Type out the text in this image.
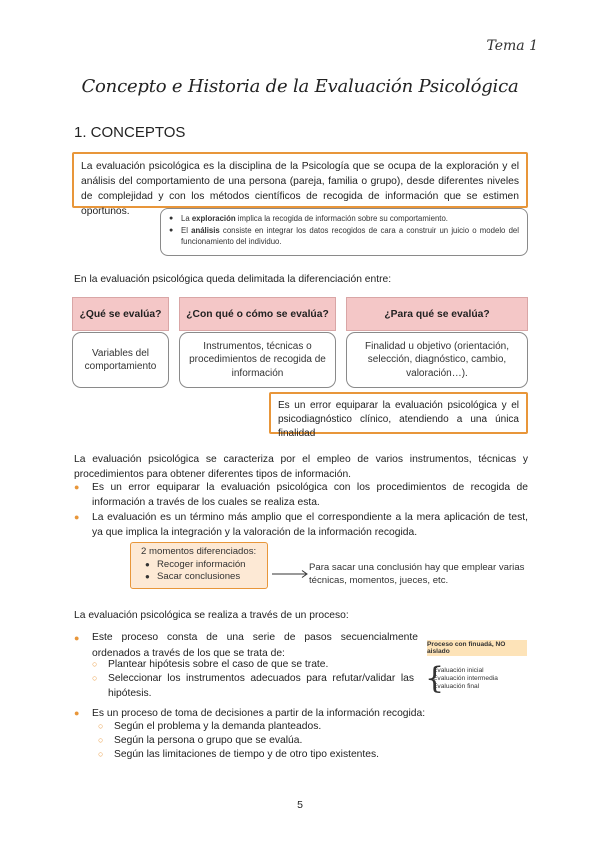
Tema 1
Concepto e Historia de la Evaluación Psicológica
1. CONCEPTOS
La evaluación psicológica es la disciplina de la Psicología que se ocupa de la exploración y el análisis del comportamiento de una persona (pareja, familia o grupo), desde diferentes niveles de complejidad y con los métodos científicos de recogida de información que se estimen oportunos.
● La exploración implica la recogida de información sobre su comportamiento.
● El análisis consiste en integrar los datos recogidos de cara a construir un juicio o modelo del funcionamiento del individuo.
En la evaluación psicológica queda delimitada la diferenciación entre:
¿Qué se evalúa?	¿Con qué o cómo se evalúa?	¿Para qué se evalúa?
Variables del comportamiento
Instrumentos, técnicas o procedimientos de recogida de información
Finalidad u objetivo (orientación, selección, diagnóstico, cambio, valoración…).
Es un error equiparar la evaluación psicológica y el psicodiagnóstico clínico, atendiendo a una única finalidad
La evaluación psicológica se caracteriza por el empleo de varios instrumentos, técnicas y procedimientos para obtener diferentes tipos de información.
● Es un error equiparar la evaluación psicológica con los procedimientos de recogida de información a través de los cuales se realiza esta.
● La evaluación es un término más amplio que el correspondiente a la mera aplicación de test, ya que implica la integración y la valoración de la información recogida.
2 momentos diferenciados:
● Recoger información
● Sacar conclusiones
Para sacar una conclusión hay que emplear varias técnicas, momentos, jueces, etc.
La evaluación psicológica se realiza a través de un proceso:
● Este proceso consta de una serie de pasos secuencialmente ordenados a través de los que se trata de:
○ Plantear hipótesis sobre el caso de que se trate.
○ Seleccionar los instrumentos adecuados para refutar/validar las hipótesis.
Proceso con finuadá, NO aislado
{
Evaluación inicial
Evaluación intermedia
Evaluación final
● Es un proceso de toma de decisiones a partir de la información recogida:
○ Según el problema y la demanda planteados.
○ Según la persona o grupo que se evalúa.
○ Según las limitaciones de tiempo y de otro tipo existentes.
5
